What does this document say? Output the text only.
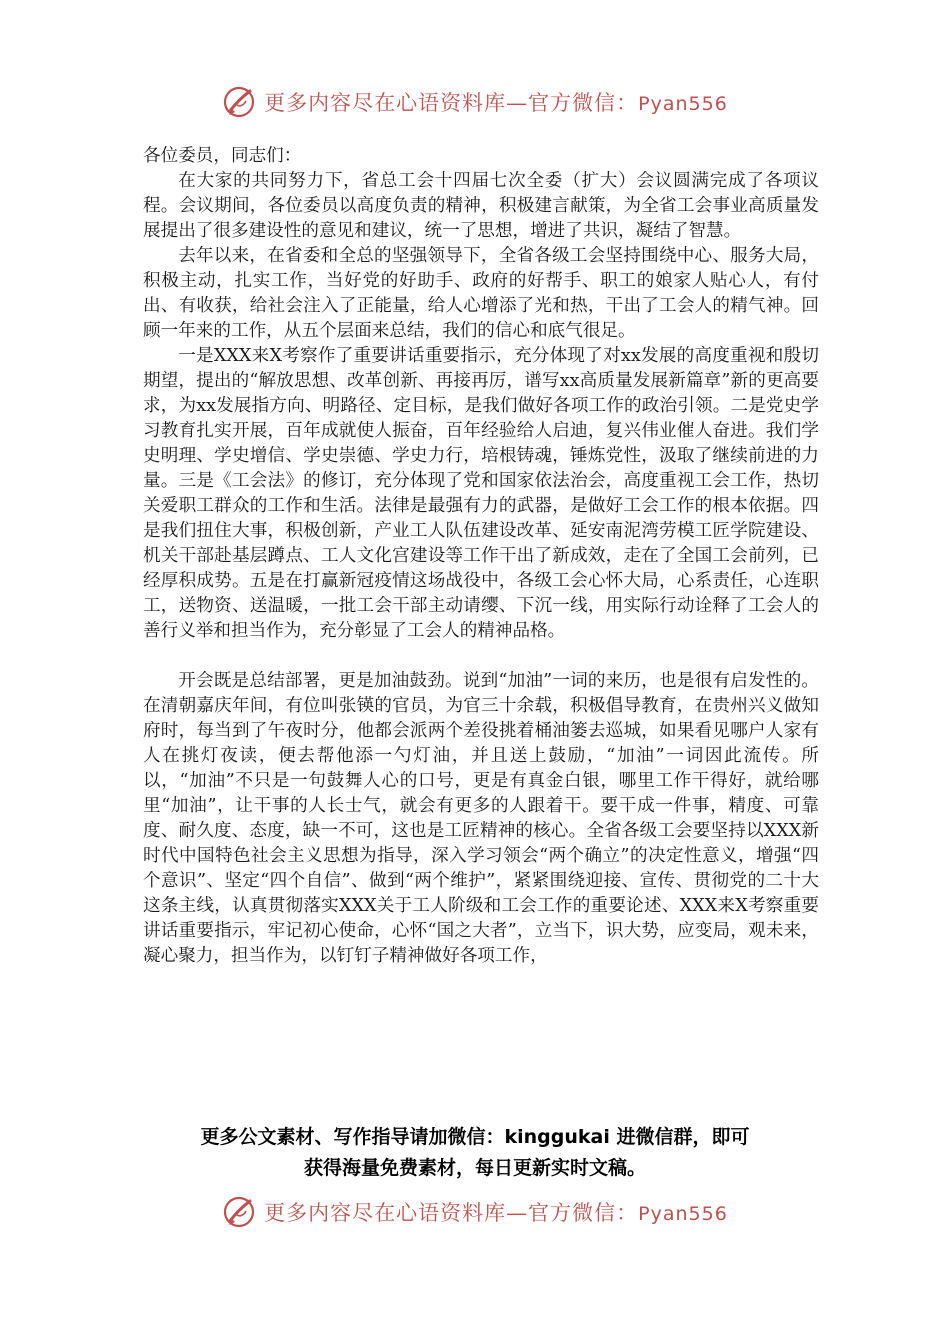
更多内容尽在心语资料库—官方微信：Pyan556

各位委员，同志们：

在大家的共同努力下，省总工会十四届七次全委（扩大）会议圆满完成了各项议程。会议期间，各位委员以高度负责的精神，积极建言献策，为全省工会事业高质量发展提出了很多建设性的意见和建议，统一了思想，增进了共识，凝结了智慧。

去年以来，在省委和全总的坚强领导下，全省各级工会坚持围绕中心、服务大局，积极主动，扎实工作，当好党的好助手、政府的好帮手、职工的娘家人贴心人，有付出、有收获，给社会注入了正能量，给人心增添了光和热，干出了工会人的精气神。回顾一年来的工作，从五个层面来总结，我们的信心和底气很足。

一是XXX来X考察作了重要讲话重要指示，充分体现了对xx发展的高度重视和殷切期望，提出的“解放思想、改革创新、再接再厉，谱写xx高质量发展新篇章”新的更高要求，为xx发展指方向、明路径、定目标，是我们做好各项工作的政治引领。二是党史学习教育扎实开展，百年成就使人振奋，百年经验给人启迪，复兴伟业催人奋进。我们学史明理、学史增信、学史崇德、学史力行，培根铸魂，锤炼党性，汲取了继续前进的力量。三是《工会法》的修订，充分体现了党和国家依法治会，高度重视工会工作，热切关爱职工群众的工作和生活。法律是最强有力的武器，是做好工会工作的根本依据。四是我们扭住大事，积极创新，产业工人队伍建设改革、延安南泥湾劳模工匠学院建设、机关干部赴基层蹲点、工人文化宫建设等工作干出了新成效，走在了全国工会前列，已经厚积成势。五是在打赢新冠疫情这场战役中，各级工会心怀大局，心系责任，心连职工，送物资、送温暖，一批工会干部主动请缨、下沉一线，用实际行动诠释了工会人的善行义举和担当作为，充分彰显了工会人的精神品格。

开会既是总结部署，更是加油鼓劲。说到“加油”一词的来历，也是很有启发性的。在清朝嘉庆年间，有位叫张锳的官员，为官三十余载，积极倡导教育，在贵州兴义做知府时，每当到了午夜时分，他都会派两个差役挑着桶油篓去巡城，如果看见哪户人家有人在挑灯夜读，便去帮他添一勺灯油，并且送上鼓励，“加油”一词因此流传。所以，“加油”不只是一句鼓舞人心的口号，更是有真金白银，哪里工作干得好，就给哪里“加油”，让干事的人长士气，就会有更多的人跟着干。要干成一件事，精度、可靠度、耐久度、态度，缺一不可，这也是工匠精神的核心。全省各级工会要坚持以XXX新时代中国特色社会主义思想为指导，深入学习领会“两个确立”的决定性意义，增强“四个意识”、坚定“四个自信”、做到“两个维护”，紧紧围绕迎接、宣传、贯彻党的二十大这条主线，认真贯彻落实XXX关于工人阶级和工会工作的重要论述、XXX来X考察重要讲话重要指示，牢记初心使命，心怀“国之大者”，立当下，识大势，应变局，观未来，凝心聚力，担当作为，以钉钉子精神做好各项工作，

更多公文素材、写作指导请加微信：kinggukai 进微信群，即可
获得海量免费素材，每日更新实时文稿。
更多内容尽在心语资料库—官方微信：Pyan556
